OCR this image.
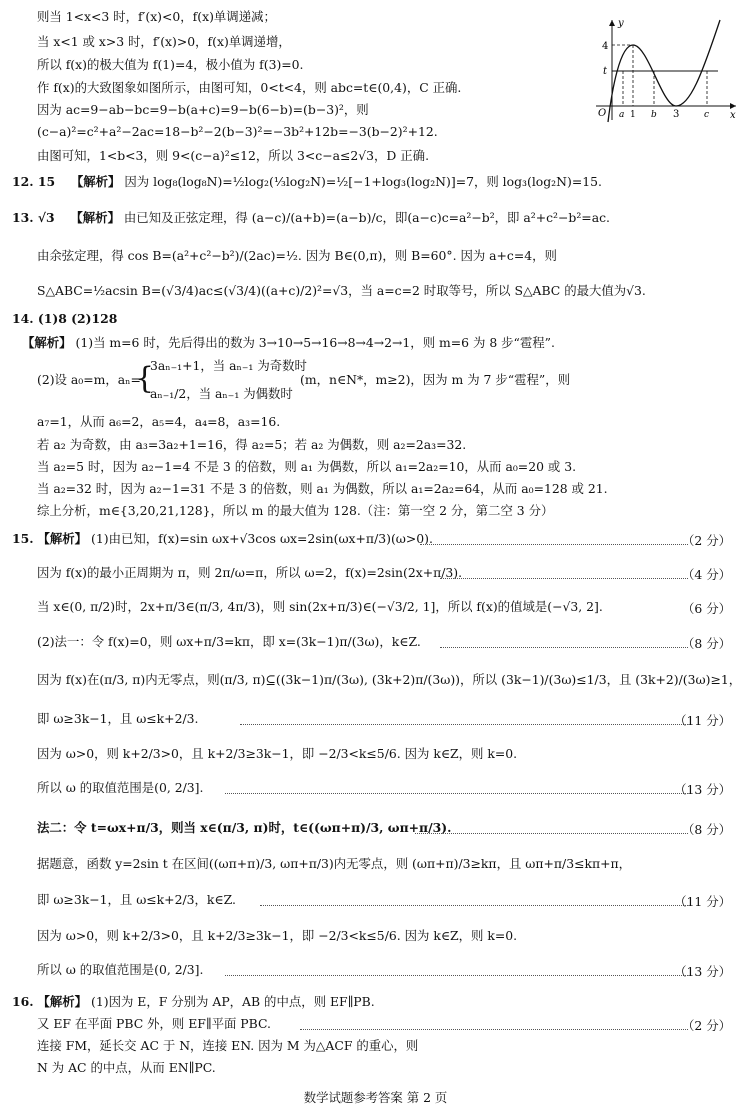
则当 1<x<3 时，f′(x)<0，f(x)单调递减；
当 x<1 或 x>3 时，f′(x)>0，f(x)单调递增，
所以 f(x)的极大值为 f(1)=4，极小值为 f(3)=0.
作 f(x)的大致图象如图所示，由图可知，0<t<4，则 abc=t∈(0,4)，C 正确.
因为 ac=9−ab−bc=9−b(a+c)=9−b(6−b)=(b−3)²，则
(c−a)²=c²+a²−2ac=18−b²−2(b−3)²=−3b²+12b=−3(b−2)²+12.
由图可知，1<b<3，则 9<(c−a)²≤12，所以 3<c−a≤2√3，D 正确.
y
x
O
4
t
a 1 b 3	c
12. 15 【解析】 因为 log₈(log₈N)=½log₂(⅓log₂N)=½[−1+log₃(log₂N)]=7，则 log₃(log₂N)=15.
13. √3 【解析】 由已知及正弦定理，得 (a−c)/(a+b)=(a−b)/c，即(a−c)c=a²−b²，即 a²+c²−b²=ac.
由余弦定理，得 cos B=(a²+c²−b²)/(2ac)=½. 因为 B∈(0,π)，则 B=60°. 因为 a+c=4，则
S△ABC=½acsin B=(√3/4)ac≤(√3/4)((a+c)/2)²=√3，当 a=c=2 时取等号，所以 S△ABC 的最大值为√3.
14. (1)8 (2)128
【解析】 (1)当 m=6 时，先后得出的数为 3→10→5→16→8→4→2→1，则 m=6 为 8 步“雹程”.
(2)设 a₀=m，aₙ=
{
3aₙ₋₁+1，当 aₙ₋₁ 为奇数时
aₙ₋₁/2，当 aₙ₋₁ 为偶数时
(m，n∈N*，m≥2)，因为 m 为 7 步“雹程”，则
a₇=1，从而 a₆=2，a₅=4，a₄=8，a₃=16.
若 a₂ 为奇数，由 a₃=3a₂+1=16，得 a₂=5；若 a₂ 为偶数，则 a₂=2a₃=32.
当 a₂=5 时，因为 a₂−1=4 不是 3 的倍数，则 a₁ 为偶数，所以 a₁=2a₂=10，从而 a₀=20 或 3.
当 a₂=32 时，因为 a₂−1=31 不是 3 的倍数，则 a₁ 为偶数，所以 a₁=2a₂=64，从而 a₀=128 或 21.
综上分析，m∈{3,20,21,128}，所以 m 的最大值为 128.（注：第一空 2 分，第二空 3 分）
15. 【解析】 (1)由已知，f(x)=sin ωx+√3cos ωx=2sin(ωx+π/3)(ω>0).	（2 分）
因为 f(x)的最小正周期为 π，则 2π/ω=π，所以 ω=2，f(x)=2sin(2x+π/3).	（4 分）
当 x∈(0, π/2)时，2x+π/3∈(π/3, 4π/3)，则 sin(2x+π/3)∈(−√3/2, 1]，所以 f(x)的值域是(−√3, 2].	（6 分）
(2)法一：令 f(x)=0，则 ωx+π/3=kπ，即 x=(3k−1)π/(3ω)，k∈Z.	（8 分）
因为 f(x)在(π/3, π)内无零点，则(π/3, π)⊆((3k−1)π/(3ω), (3k+2)π/(3ω))，所以 (3k−1)/(3ω)≤1/3，且 (3k+2)/(3ω)≥1，
即 ω≥3k−1，且 ω≤k+2/3.	（11 分）
因为 ω>0，则 k+2/3>0，且 k+2/3≥3k−1，即 −2/3<k≤5/6. 因为 k∈Z，则 k=0.
所以 ω 的取值范围是(0, 2/3].	（13 分）
法二：令 t=ωx+π/3，则当 x∈(π/3, π)时，t∈((ωπ+π)/3, ωπ+π/3).	（8 分）
据题意，函数 y=2sin t 在区间((ωπ+π)/3, ωπ+π/3)内无零点，则 (ωπ+π)/3≥kπ，且 ωπ+π/3≤kπ+π，
即 ω≥3k−1，且 ω≤k+2/3，k∈Z.	（11 分）
因为 ω>0，则 k+2/3>0，且 k+2/3≥3k−1，即 −2/3<k≤5/6. 因为 k∈Z，则 k=0.
所以 ω 的取值范围是(0, 2/3].	（13 分）
16. 【解析】 (1)因为 E，F 分别为 AP，AB 的中点，则 EF∥PB.
又 EF 在平面 PBC 外，则 EF∥平面 PBC.	（2 分）
连接 FM，延长交 AC 于 N，连接 EN. 因为 M 为△ACF 的重心，则
N 为 AC 的中点，从而 EN∥PC.
数学试题参考答案 第 2 页
